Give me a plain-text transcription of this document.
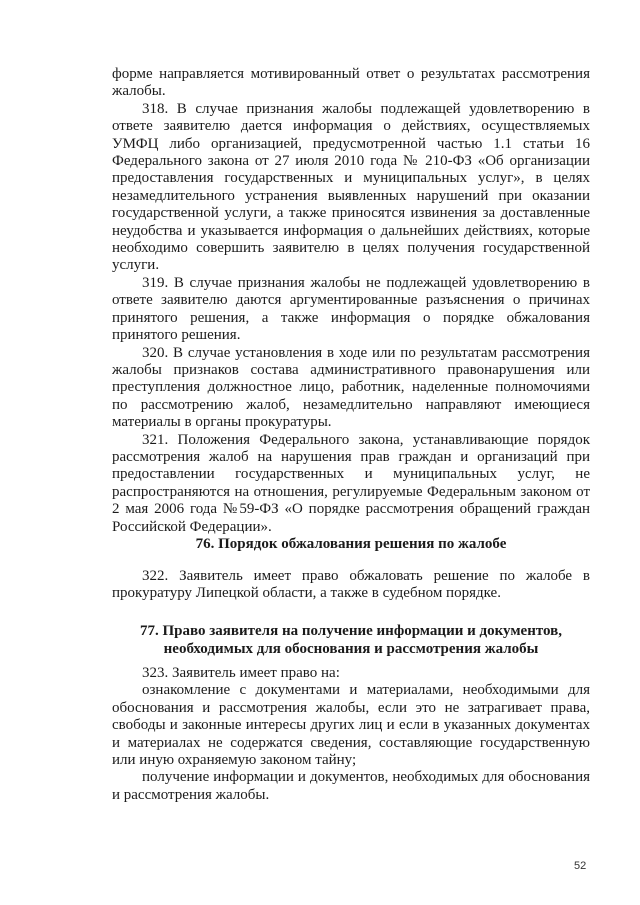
форме направляется мотивированный ответ о результатах рассмотрения жалобы.

318. В случае признания жалобы подлежащей удовлетворению в ответе заявителю дается информация о действиях, осуществляемых УМФЦ либо организацией, предусмотренной частью 1.1 статьи 16 Федерального закона от 27 июля 2010 года № 210-ФЗ «Об организации предоставления государственных и муниципальных услуг», в целях незамедлительного устранения выявленных нарушений при оказании государственной услуги, а также приносятся извинения за доставленные неудобства и указывается информация о дальнейших действиях, которые необходимо совершить заявителю в целях получения государственной услуги.

319. В случае признания жалобы не подлежащей удовлетворению в ответе заявителю даются аргументированные разъяснения о причинах принятого решения, а также информация о порядке обжалования принятого решения.

320. В случае установления в ходе или по результатам рассмотрения жалобы признаков состава административного правонарушения или преступления должностное лицо, работник, наделенные полномочиями по рассмотрению жалоб, незамедлительно направляют имеющиеся материалы в органы прокуратуры.

321. Положения Федерального закона, устанавливающие порядок рассмотрения жалоб на нарушения прав граждан и организаций при предоставлении государственных и муниципальных услуг, не распространяются на отношения, регулируемые Федеральным законом от 2 мая 2006 года №59-ФЗ «О порядке рассмотрения обращений граждан Российской Федерации».

76. Порядок обжалования решения по жалобе

322. Заявитель имеет право обжаловать решение по жалобе в прокуратуру Липецкой области, а также в судебном порядке.

77. Право заявителя на получение информации и документов,

необходимых для обоснования и рассмотрения жалобы

323. Заявитель имеет право на:

ознакомление с документами и материалами, необходимыми для обоснования и рассмотрения жалобы, если это не затрагивает права, свободы и законные интересы других лиц и если в указанных документах и материалах не содержатся сведения, составляющие государственную или иную охраняемую законом тайну;

получение информации и документов, необходимых для обоснования и рассмотрения жалобы.

52
